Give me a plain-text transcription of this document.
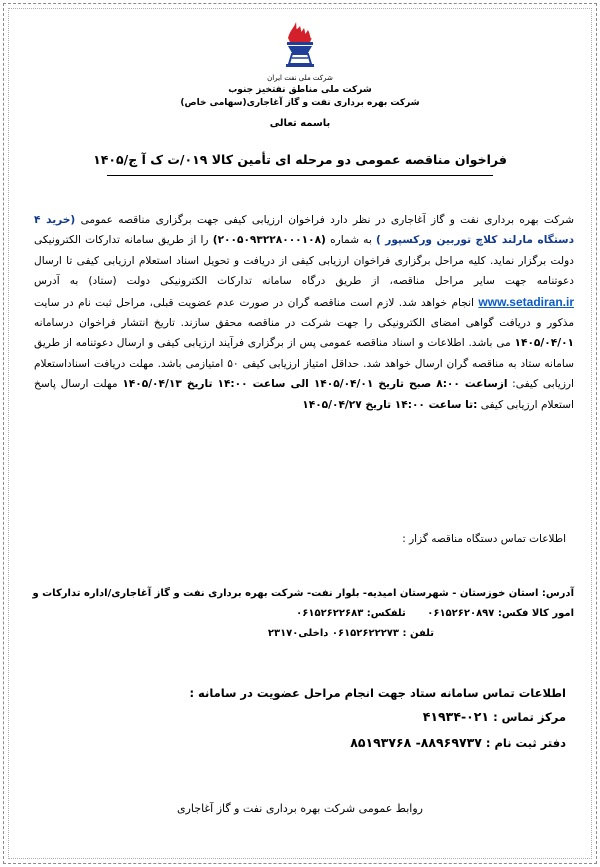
شرکت ملی نفت ایران
شرکت ملی مناطق نفتخیز جنوب
شرکت بهره برداری نفت و گاز آغاجاری(سهامی خاص)
باسمه تعالی
فراخوان مناقصه عمومی دو مرحله ای تأمین کالا ۰۱۹/ت ک آ ج/۱۴۰۵
شرکت بهره برداری نفت و گاز آغاجاری در نظر دارد فراخوان ارزیابی کیفی جهت برگزاری مناقصه عمومی (خرید ۴ دستگاه مارلند کلاچ توربین ورکسپور ) به شماره (۲۰۰۵۰۹۳۲۲۸۰۰۰۱۰۸) را از طریق سامانه تدارکات الکترونیکی دولت برگزار نماید. کلیه مراحل برگزاری فراخوان ارزیابی کیفی از دریافت و تحویل اسناد استعلام ارزیابی کیفی تا ارسال دعوتنامه جهت سایر مراحل مناقصه، از طریق درگاه سامانه تدارکات الکترونیکی دولت (ستاد) به آدرس www.setadiran.ir انجام خواهد شد. لازم است مناقصه گران در صورت عدم عضویت قبلی، مراحل ثبت نام در سایت مذکور و دریافت گواهی امضای الکترونیکی را جهت شرکت در مناقصه محقق سازند. تاریخ انتشار فراخوان درسامانه ۱۴۰۵/۰۴/۰۱ می باشد. اطلاعات و اسناد مناقصه عمومی پس از برگزاری فرآیند ارزیابی کیفی و ارسال دعوتنامه از طریق سامانه ستاد به مناقصه گران ارسال خواهد شد. حداقل امتیاز ارزیابی کیفی ۵۰ امتیازمی باشد. مهلت دریافت اسناداستعلام ارزیابی کیفی: ازساعت ۸:۰۰ صبح تاریخ ۱۴۰۵/۰۴/۰۱ الی ساعت ۱۴:۰۰ تاریخ ۱۴۰۵/۰۴/۱۳ مهلت ارسال پاسخ استعلام ارزیابی کیفی :تا ساعت ۱۴:۰۰ تاریخ ۱۴۰۵/۰۴/۲۷
اطلاعات تماس دستگاه مناقصه گزار :
آدرس: استان خوزستان - شهرستان امیدیه- بلوار نفت- شرکت بهره برداری نفت و گاز آغاجاری/اداره تدارکات و
امور کالا فکس: ۰۶۱۵۲۶۲۰۸۹۷ تلفکس: ۰۶۱۵۲۶۲۲۶۸۳
تلفن : ۰۶۱۵۲۶۲۲۲۷۳ داخلی۲۳۱۷۰
اطلاعات تماس سامانه ستاد جهت انجام مراحل عضویت در سامانه :
مرکز تماس : ۰۲۱-۴۱۹۳۴
دفتر ثبت نام : ۸۸۹۶۹۷۳۷- ۸۵۱۹۳۷۶۸
روابط عمومی شرکت بهره برداری نفت و گاز آغاجاری
